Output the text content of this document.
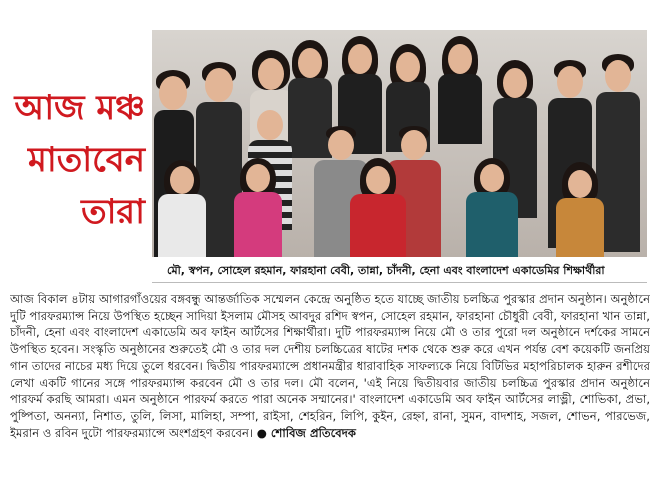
আজ মঞ্চ
মাতাবেন
তারা
মৌ, স্বপন, সোহেল রহমান, ফারহানা বেবী, তান্না, চাঁদনী, হেনা এবং বাংলাদেশ একাডেমির শিক্ষার্থীরা
আজ বিকাল ৪টায় আগারগাঁওয়ের বঙ্গবন্ধু আন্তর্জাতিক সম্মেলন কেন্দ্রে অনুষ্ঠিত হতে যাচ্ছে জাতীয় চলচ্চিত্র পুরস্কার প্রদান অনুষ্ঠান। অনুষ্ঠানে দুটি পারফরম্যান্স নিয়ে উপস্থিত হচ্ছেন সাদিয়া ইসলাম মৌসহ আবদুর রশিদ স্বপন, সোহেল রহমান, ফারহানা চৌধুরী বেবী, ফারহানা খান তান্না, চাঁদনী, হেনা এবং বাংলাদেশ একাডেমি অব ফাইন আর্টসের শিক্ষার্থীরা। দুটি পারফরম্যান্স নিয়ে মৌ ও তার পুরো দল অনুষ্ঠানে দর্শকের সামনে উপস্থিত হবেন। সংস্কৃতি অনুষ্ঠানের শুরুতেই মৌ ও তার দল দেশীয় চলচ্চিত্রের ষাটের দশক থেকে শুরু করে এখন পর্যন্ত বেশ কয়েকটি জনপ্রিয় গান তাদের নাচের মধ্য দিয়ে তুলে ধরবেন। দ্বিতীয় পারফরম্যান্সে প্রধানমন্ত্রীর ধারাবাহিক সাফল্যকে নিয়ে বিটিভির মহাপরিচালক হারুন রশীদের লেখা একটি গানের সঙ্গে পারফরম্যান্স করবেন মৌ ও তার দল। মৌ বলেন, 'এই নিয়ে দ্বিতীয়বার জাতীয় চলচ্চিত্র পুরস্কার প্রদান অনুষ্ঠানে পারফর্ম করছি আমরা। এমন অনুষ্ঠানে পারফর্ম করতে পারা অনেক সম্মানের।' বাংলাদেশ একাডেমি অব ফাইন আর্টসের লাভ্লী, শোভিকা, প্রভা, পুষ্পিতা, অনন্যা, নিশাত, তুলি, লিসা, মালিহা, সম্পা, রাইসা, শেহরিন, লিপি, কুইন, রেহ্না, রানা, সুমন, বাদশাহ, সজল, শোভন, পারভেজ, ইমরান ও রবিন দুটো পারফরম্যান্সে অংশগ্রহণ করবেন। ● শোবিজ প্রতিবেদক
